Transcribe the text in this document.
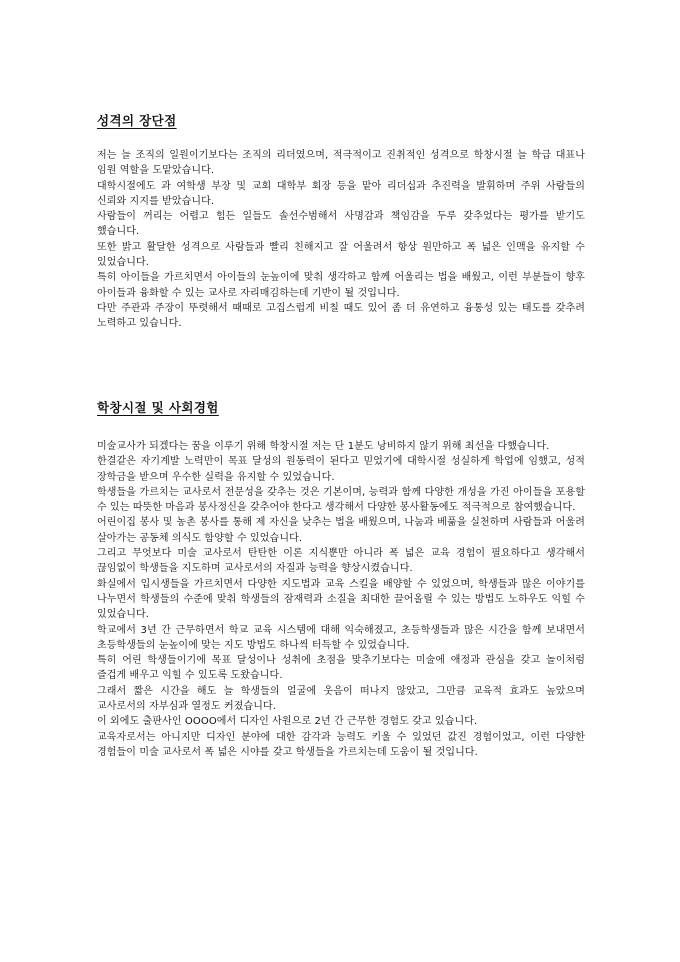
성격의 장단점

저는 늘 조직의 일원이기보다는 조직의 리더였으며, 적극적이고 진취적인 성격으로 학창시절 늘 학급 대표나 임원 역할을 도맡았습니다.

대학시절에도 과 여학생 부장 및 교회 대학부 회장 등을 맡아 리더십과 추진력을 발휘하며 주위 사람들의 신뢰와 지지를 받았습니다.

사람들이 꺼리는 어렵고 힘든 일들도 솔선수범해서 사명감과 책임감을 두루 갖추었다는 평가를 받기도 했습니다.

또한 밝고 활달한 성격으로 사람들과 빨리 친해지고 잘 어울려서 항상 원만하고 폭 넓은 인맥을 유지할 수 있었습니다.

특히 아이들을 가르치면서 아이들의 눈높이에 맞춰 생각하고 함께 어울리는 법을 배웠고, 이런 부분들이 향후 아이들과 융화할 수 있는 교사로 자리매김하는데 기반이 될 것입니다.

다만 주관과 주장이 뚜렷해서 때때로 고집스럽게 비칠 때도 있어 좀 더 유연하고 융통성 있는 태도를 갖추려 노력하고 있습니다.

학창시절 및 사회경험

미술교사가 되겠다는 꿈을 이루기 위해 학창시절 저는 단 1분도 낭비하지 않기 위해 최선을 다했습니다.

한결같은 자기계발 노력만이 목표 달성의 원동력이 된다고 믿었기에 대학시절 성실하게 학업에 임했고, 성적 장학금을 받으며 우수한 실력을 유지할 수 있었습니다.

학생들을 가르치는 교사로서 전문성을 갖추는 것은 기본이며, 능력과 함께 다양한 개성을 가진 아이들을 포용할 수 있는 따뜻한 마음과 봉사정신을 갖추어야 한다고 생각해서 다양한 봉사활동에도 적극적으로 참여했습니다.

어린이집 봉사 및 농촌 봉사를 통해 제 자신을 낮추는 법을 배웠으며, 나눔과 베풂을 실천하며 사람들과 어울려 살아가는 공동체 의식도 함양할 수 있었습니다.

그리고 무엇보다 미술 교사로서 탄탄한 이론 지식뿐만 아니라 폭 넓은 교육 경험이 필요하다고 생각해서 끊임없이 학생들을 지도하며 교사로서의 자질과 능력을 향상시켰습니다.

화실에서 입시생들을 가르치면서 다양한 지도법과 교육 스킬을 배양할 수 있었으며, 학생들과 많은 이야기를 나누면서 학생들의 수준에 맞춰 학생들의 잠재력과 소질을 최대한 끌어올릴 수 있는 방법도 노하우도 익힐 수 있었습니다.

학교에서 3년 간 근무하면서 학교 교육 시스템에 대해 익숙해졌고, 초등학생들과 많은 시간을 함께 보내면서 초등학생들의 눈높이에 맞는 지도 방법도 하나씩 터득할 수 있었습니다.

특히 어린 학생들이기에 목표 달성이나 성취에 초점을 맞추기보다는 미술에 애정과 관심을 갖고 놀이처럼 즐겁게 배우고 익힐 수 있도록 도왔습니다.

그래서 짧은 시간을 해도 늘 학생들의 얼굴에 웃음이 떠나지 않았고, 그만큼 교육적 효과도 높았으며 교사로서의 자부심과 열정도 커졌습니다.

이 외에도 출판사인 OOOO에서 디자인 사원으로 2년 간 근무한 경험도 갖고 있습니다.

교육자로서는 아니지만 디자인 분야에 대한 감각과 능력도 키울 수 있었던 값진 경험이었고, 이런 다양한 경험들이 미술 교사로서 폭 넓은 시야를 갖고 학생들을 가르치는데 도움이 될 것입니다.
